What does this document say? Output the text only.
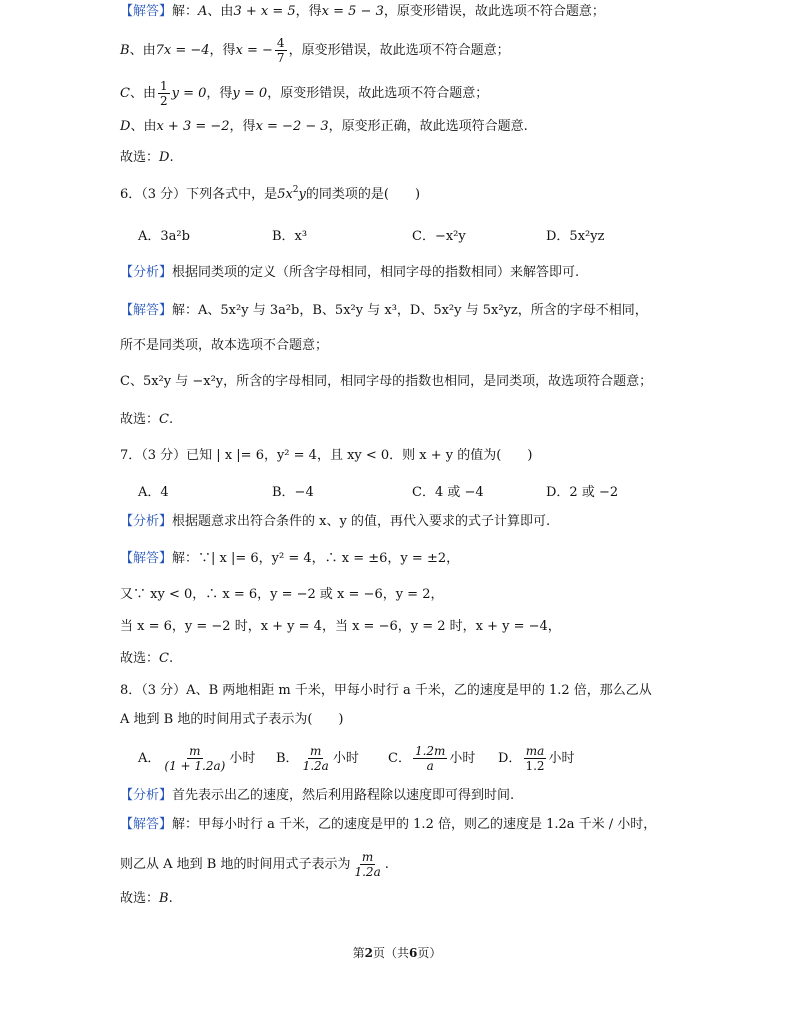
【解答】解：A、由3 + x = 5，得x = 5 − 3，原变形错误，故此选项不符合题意；
B、由7x = −4，得x = − $\frac{4}{7}$ ，原变形错误，故此选项不符合题意；
C、由 $\frac{1}{2}$ y = 0，得y = 0，原变形错误，故此选项不符合题意；
D、由x + 3 = −2，得x = −2 − 3，原变形正确，故此选项符合题意.
故选：D.
6．（3 分）下列各式中，是$5x^2y$的同类项的是(　　)
A．3a²b	B．x³	C．−x²y	D．5x²yz
【分析】根据同类项的定义（所含字母相同，相同字母的指数相同）来解答即可.
【解答】解：A、5x²y 与 3a²b，B、5x²y 与 x³，D、5x²y 与 5x²yz，所含的字母不相同，
所不是同类项，故本选项不合题意；
C、5x²y 与 −x²y，所含的字母相同，相同字母的指数也相同，是同类项，故选项符合题意；
故选：C.
7．（3 分）已知 | x |= 6，y² = 4，且 xy < 0．则 x + y 的值为(　　)
A．4	B．−4	C．4 或 −4	D．2 或 −2
【分析】根据题意求出符合条件的 x、y 的值，再代入要求的式子计算即可.
【解答】解：∵| x |= 6，y² = 4，∴ x = ±6，y = ±2，
又∵ xy < 0，∴ x = 6，y = −2 或 x = −6，y = 2，
当 x = 6，y = −2 时，x + y = 4，当 x = −6，y = 2 时，x + y = −4，
故选：C.
8．（3 分）A、B 两地相距 m 千米，甲每小时行 a 千米，乙的速度是甲的 1.2 倍，那么乙从
A 地到 B 地的时间用式子表示为(　　)
A． $\frac{m}{(1 + 1.2a)}$ 小时 B． $\frac{m}{1.2a}$ 小时 C． $\frac{1.2m}{a}$ 小时 D． $\frac{ma}{1.2}$ 小时
【分析】首先表示出乙的速度，然后利用路程除以速度即可得到时间.
【解答】解：甲每小时行 a 千米，乙的速度是甲的 1.2 倍，则乙的速度是 1.2a 千米 / 小时，
则乙从 A 地到 B 地的时间用式子表示为 $\frac{m}{1.2a}$ .
故选：B.
第2页（共6页）
